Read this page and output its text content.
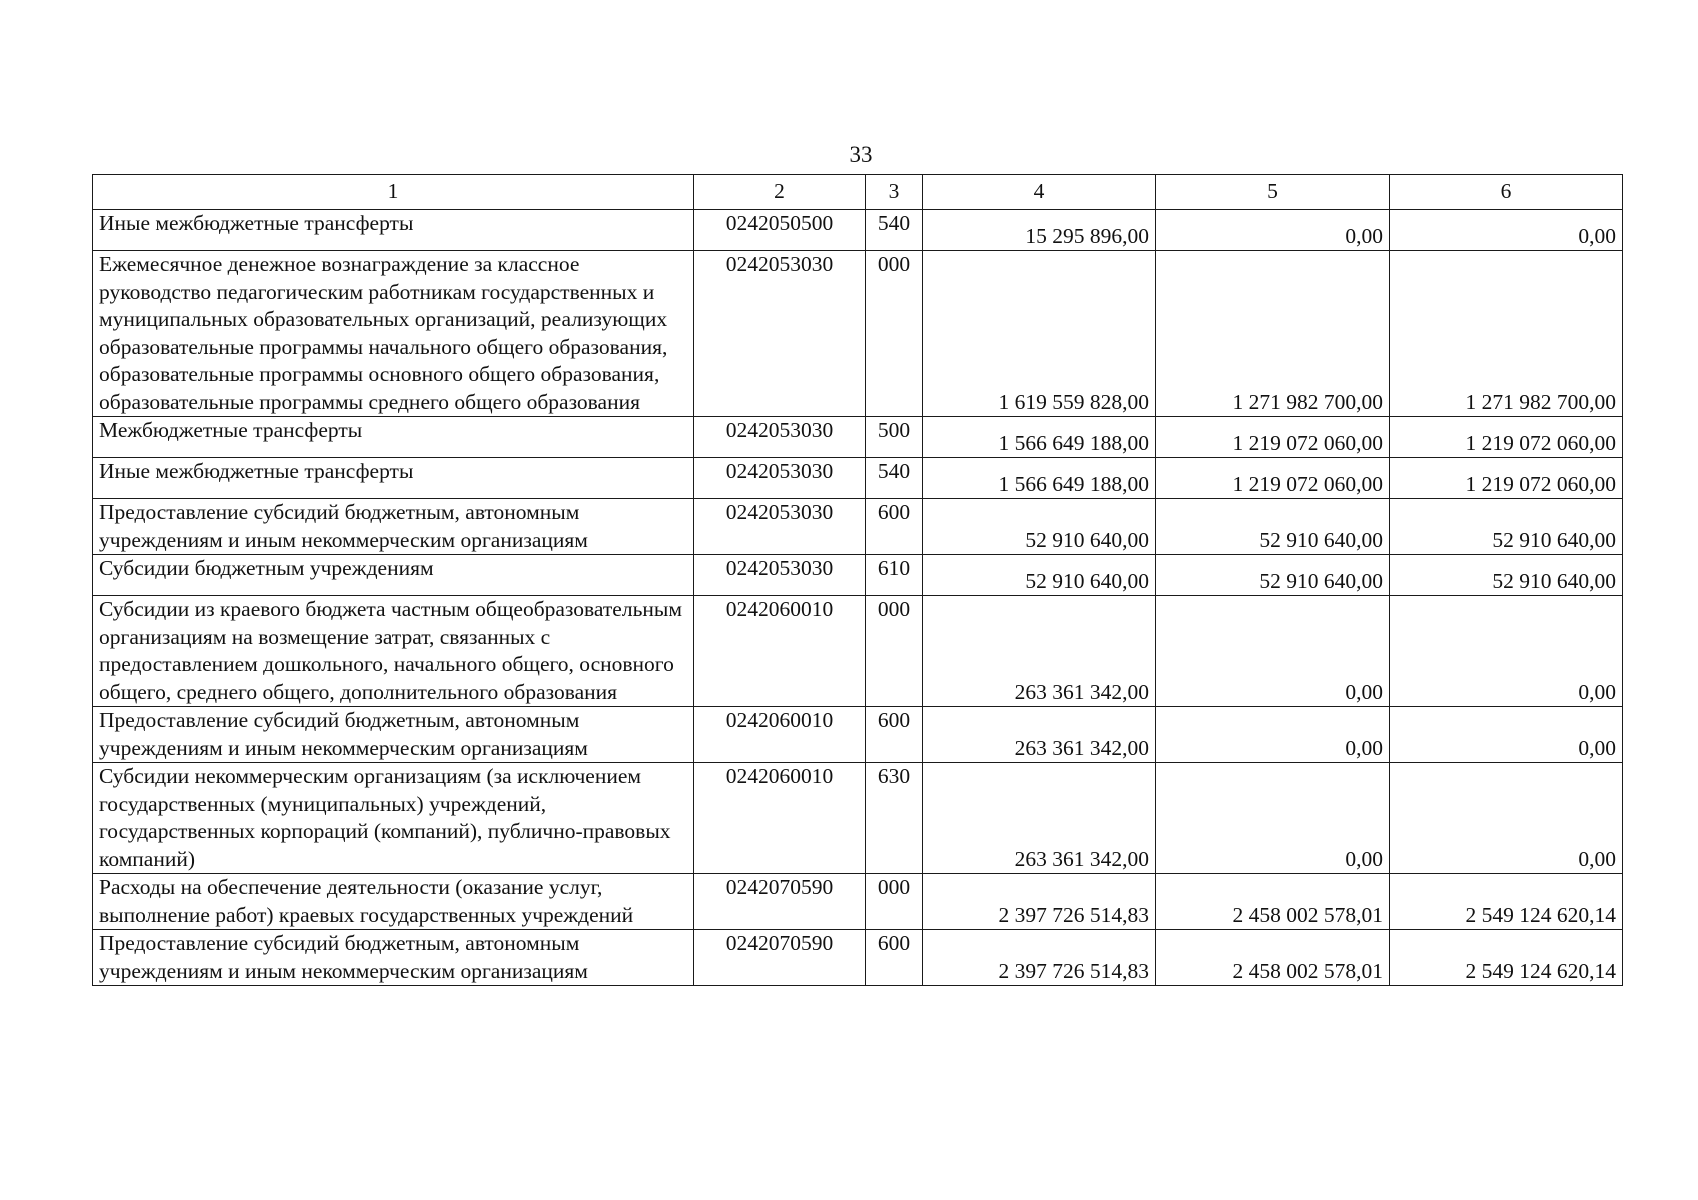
33
1	2	3	4	5	6
Иные межбюджетные трансферты	0242050500	540	15 295 896,00	0,00	0,00
Ежемесячное денежное вознаграждение за классное руководство педагогическим работникам государственных и муниципальных образовательных организаций, реализующих образовательные программы начального общего образования, образовательные программы основного общего образования, образовательные программы среднего общего образования	0242053030	000	1 619 559 828,00	1 271 982 700,00	1 271 982 700,00
Межбюджетные трансферты	0242053030	500	1 566 649 188,00	1 219 072 060,00	1 219 072 060,00
Иные межбюджетные трансферты	0242053030	540	1 566 649 188,00	1 219 072 060,00	1 219 072 060,00
Предоставление субсидий бюджетным, автономным учреждениям и иным некоммерческим организациям	0242053030	600	52 910 640,00	52 910 640,00	52 910 640,00
Субсидии бюджетным учреждениям	0242053030	610	52 910 640,00	52 910 640,00	52 910 640,00
Субсидии из краевого бюджета частным общеобразовательным организациям на возмещение затрат, связанных с предоставлением дошкольного, начального общего, основного общего, среднего общего, дополнительного образования	0242060010	000	263 361 342,00	0,00	0,00
Предоставление субсидий бюджетным, автономным учреждениям и иным некоммерческим организациям	0242060010	600	263 361 342,00	0,00	0,00
Субсидии некоммерческим организациям (за исключением государственных (муниципальных) учреждений, государственных корпораций (компаний), публично-правовых компаний)	0242060010	630	263 361 342,00	0,00	0,00
Расходы на обеспечение деятельности (оказание услуг, выполнение работ) краевых государственных учреждений	0242070590	000	2 397 726 514,83	2 458 002 578,01	2 549 124 620,14
Предоставление субсидий бюджетным, автономным учреждениям и иным некоммерческим организациям	0242070590	600	2 397 726 514,83	2 458 002 578,01	2 549 124 620,14
